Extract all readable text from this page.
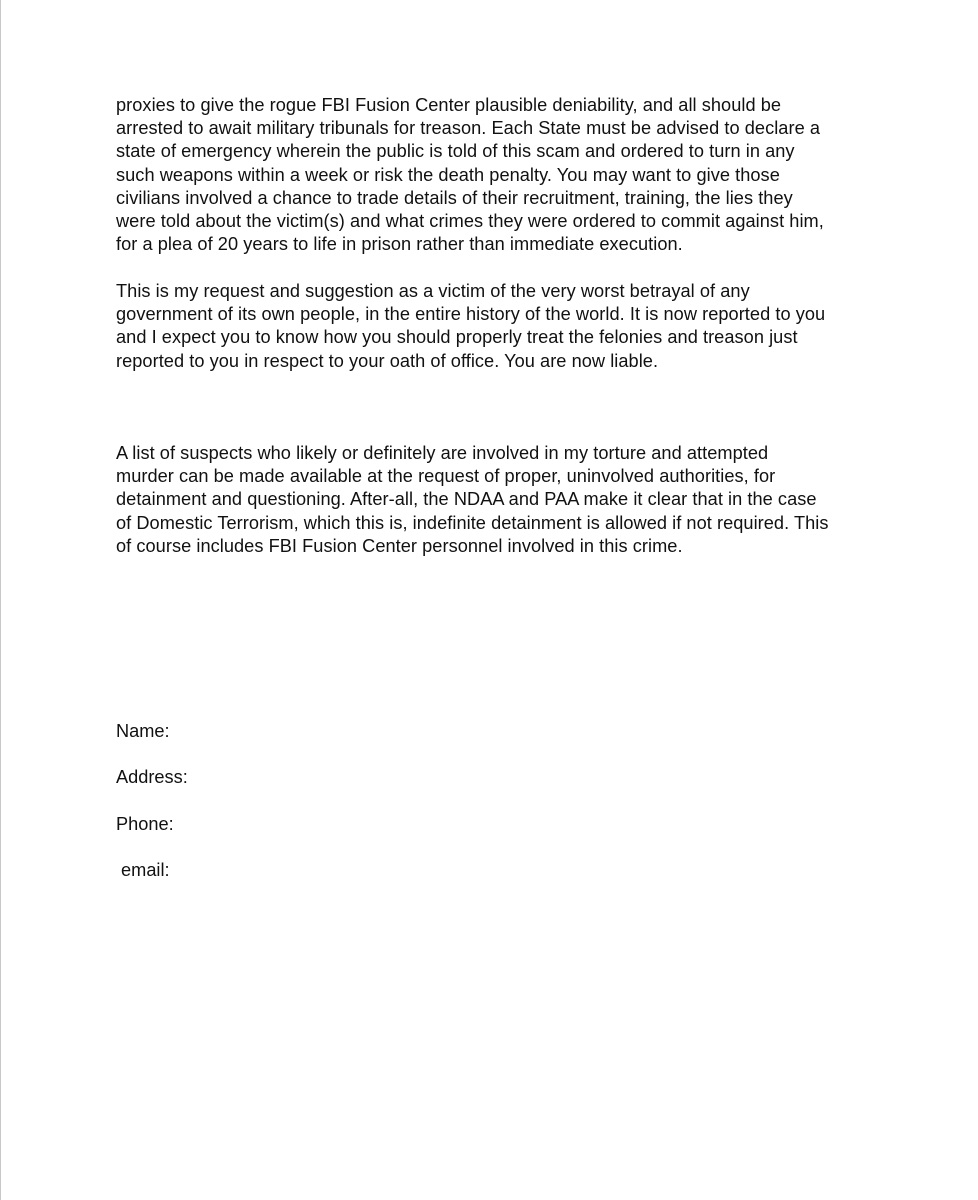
proxies to give the rogue FBI Fusion Center plausible deniability, and all should be
arrested to await military tribunals for treason. Each State must be advised to declare a
state of emergency wherein the public is told of this scam and ordered to turn in any
such weapons within a week or risk the death penalty. You may want to give those
civilians involved a chance to trade details of their recruitment, training, the lies they
were told about the victim(s) and what crimes they were ordered to commit against him,
for a plea of 20 years to life in prison rather than immediate execution.

This is my request and suggestion as a victim of the very worst betrayal of any
government of its own people, in the entire history of the world. It is now reported to you
and I expect you to know how you should properly treat the felonies and treason just
reported to you in respect to your oath of office. You are now liable.

A list of suspects who likely or definitely are involved in my torture and attempted
murder can be made available at the request of proper, uninvolved authorities, for
detainment and questioning. After-all, the NDAA and PAA make it clear that in the case
of Domestic Terrorism, which this is, indefinite detainment is allowed if not required. This
of course includes FBI Fusion Center personnel involved in this crime.

Name:

Address:

Phone:

email:
